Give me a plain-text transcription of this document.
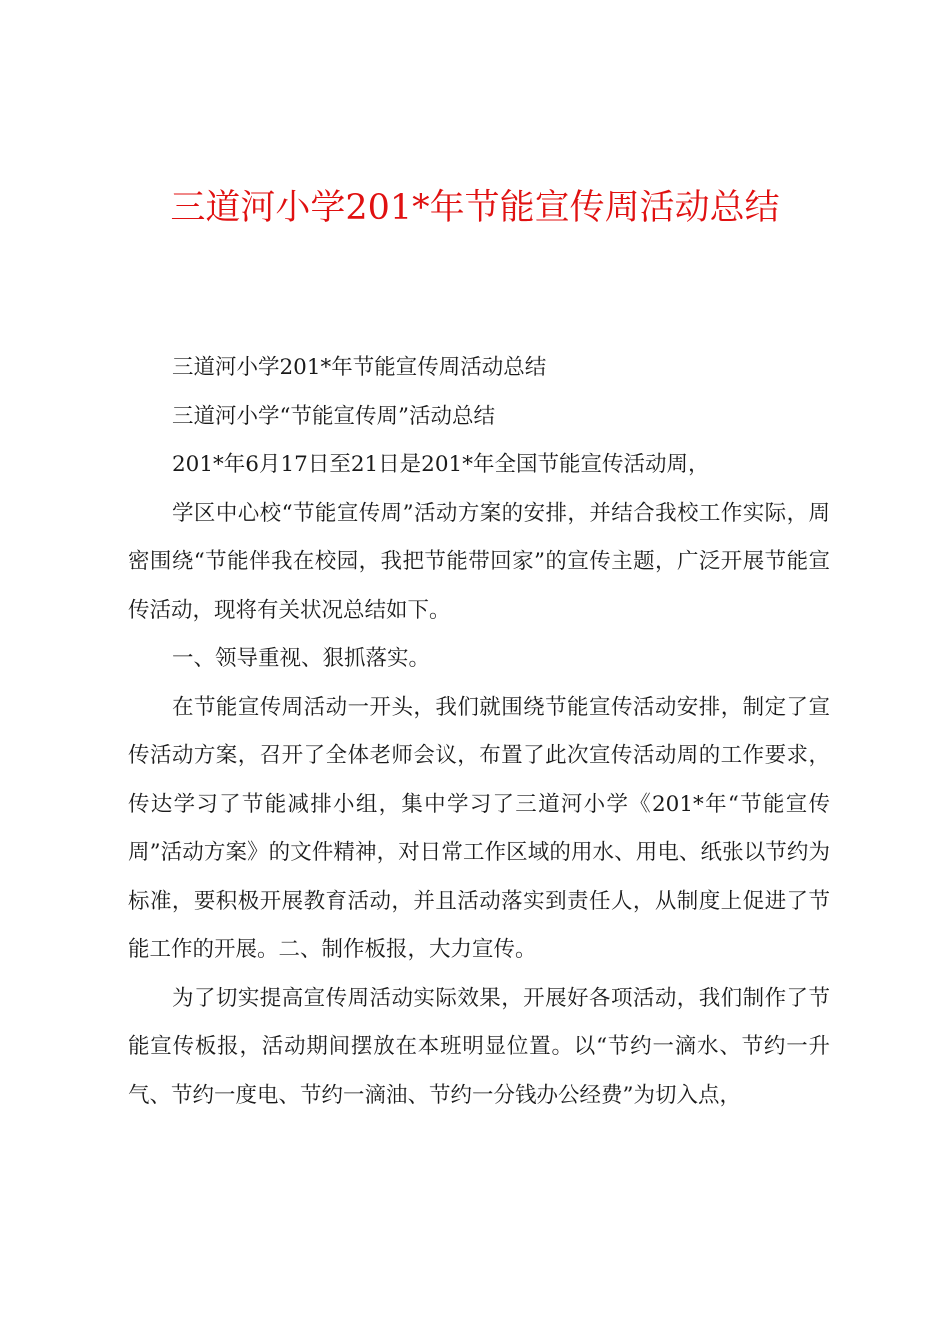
三道河小学201*年节能宣传周活动总结

三道河小学201*年节能宣传周活动总结

三道河小学“节能宣传周”活动总结

201*年6月17日至21日是201*年全国节能宣传活动周，

学区中心校“节能宣传周”活动方案的安排，并结合我校工作实际，周密围绕“节能伴我在校园，我把节能带回家”的宣传主题，广泛开展节能宣传活动，现将有关状况总结如下。

一、领导重视、狠抓落实。

在节能宣传周活动一开头，我们就围绕节能宣传活动安排，制定了宣传活动方案，召开了全体老师会议，布置了此次宣传活动周的工作要求，传达学习了节能减排小组，集中学习了三道河小学《201*年“节能宣传周”活动方案》的文件精神，对日常工作区域的用水、用电、纸张以节约为标准，要积极开展教育活动，并且活动落实到责任人，从制度上促进了节能工作的开展。二、制作板报，大力宣传。

为了切实提高宣传周活动实际效果，开展好各项活动，我们制作了节能宣传板报，活动期间摆放在本班明显位置。以“节约一滴水、节约一升气、节约一度电、节约一滴油、节约一分钱办公经费”为切入点，
